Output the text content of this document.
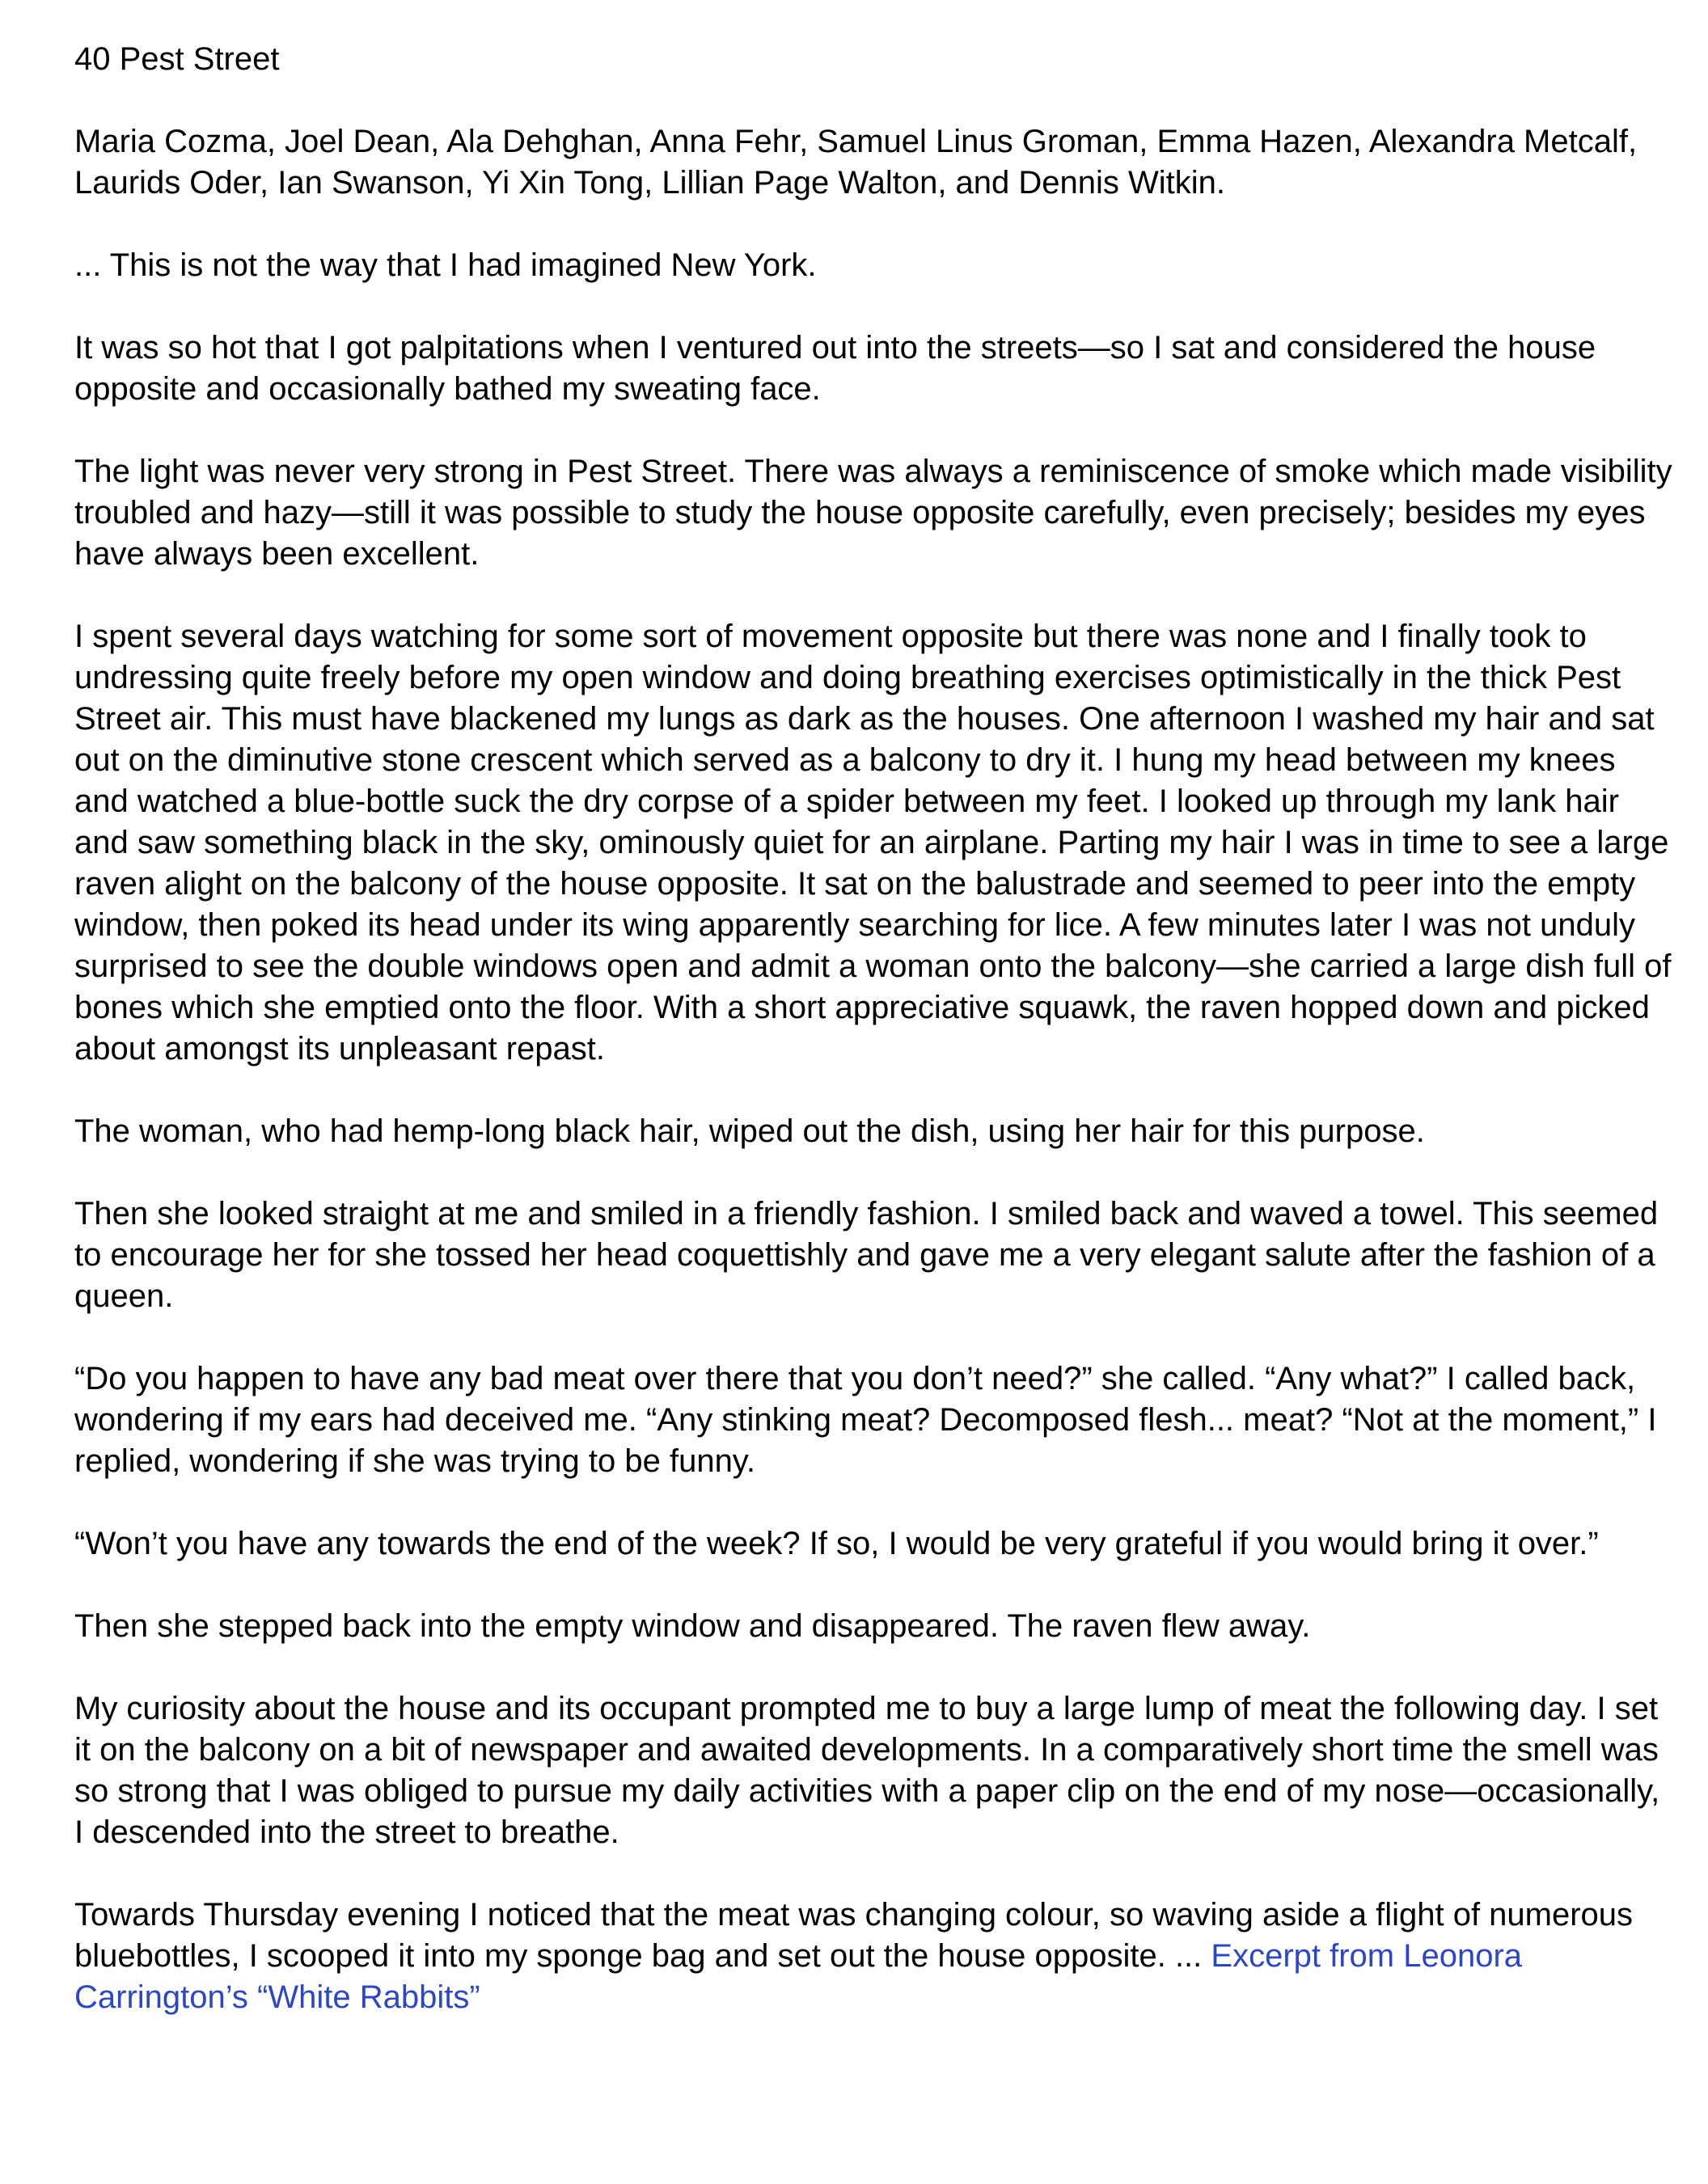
40 Pest Street

Maria Cozma, Joel Dean, Ala Dehghan, Anna Fehr, Samuel Linus Groman, Emma Hazen, Alexandra Metcalf, Laurids Oder, Ian Swanson, Yi Xin Tong, Lillian Page Walton, and Dennis Witkin.

... This is not the way that I had imagined New York.

It was so hot that I got palpitations when I ventured out into the streets—so I sat and considered the house opposite and occasionally bathed my sweating face.

The light was never very strong in Pest Street. There was always a reminiscence of smoke which made visibility troubled and hazy—still it was possible to study the house opposite carefully, even precisely; besides my eyes have always been excellent.

I spent several days watching for some sort of movement opposite but there was none and I finally took to undressing quite freely before my open window and doing breathing exercises optimistically in the thick Pest Street air. This must have blackened my lungs as dark as the houses. One afternoon I washed my hair and sat out on the diminutive stone crescent which served as a balcony to dry it. I hung my head between my knees and watched a blue-bottle suck the dry corpse of a spider between my feet. I looked up through my lank hair and saw something black in the sky, ominously quiet for an airplane. Parting my hair I was in time to see a large raven alight on the balcony of the house opposite. It sat on the balustrade and seemed to peer into the empty window, then poked its head under its wing apparently searching for lice. A few minutes later I was not unduly surprised to see the double windows open and admit a woman onto the balcony—she carried a large dish full of bones which she emptied onto the floor. With a short appreciative squawk, the raven hopped down and picked about amongst its unpleasant repast.

The woman, who had hemp-long black hair, wiped out the dish, using her hair for this purpose.

Then she looked straight at me and smiled in a friendly fashion. I smiled back and waved a towel. This seemed to encourage her for she tossed her head coquettishly and gave me a very elegant salute after the fashion of a queen.

“Do you happen to have any bad meat over there that you don’t need?” she called. “Any what?” I called back, wondering if my ears had deceived me. “Any stinking meat? Decomposed flesh... meat? “Not at the moment,” I replied, wondering if she was trying to be funny.

“Won’t you have any towards the end of the week? If so, I would be very grateful if you would bring it over.”

Then she stepped back into the empty window and disappeared. The raven flew away.

My curiosity about the house and its occupant prompted me to buy a large lump of meat the following day. I set it on the balcony on a bit of newspaper and awaited developments. In a comparatively short time the smell was so strong that I was obliged to pursue my daily activities with a paper clip on the end of my nose—occasionally, I descended into the street to breathe.

Towards Thursday evening I noticed that the meat was changing colour, so waving aside a flight of numerous bluebottles, I scooped it into my sponge bag and set out the house opposite. ... Excerpt from Leonora Carrington’s “White Rabbits”
